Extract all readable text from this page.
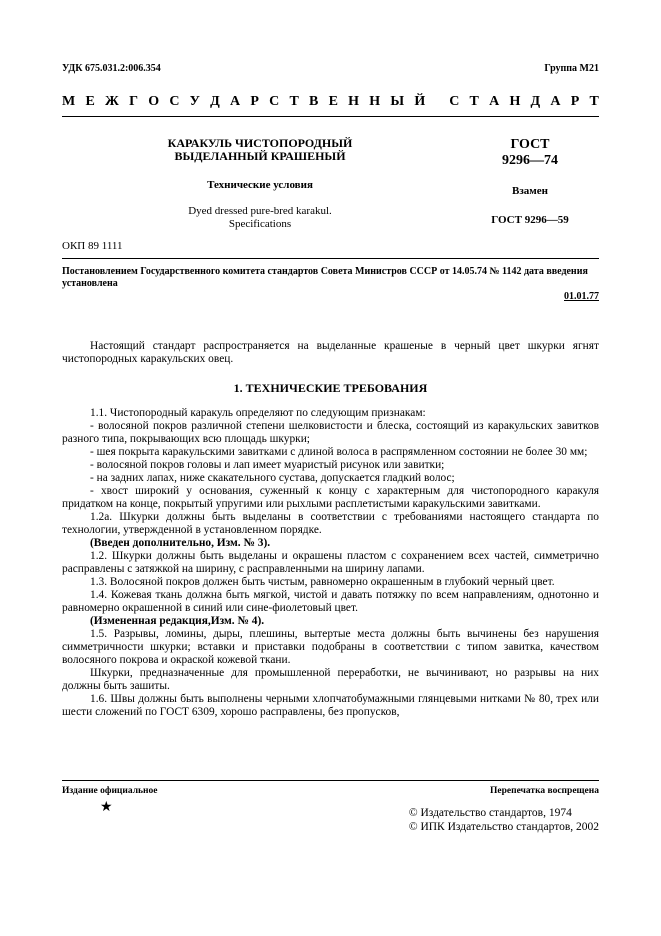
УДК 675.031.2:006.354	Группа М21
М Е Ж Г О С У Д А Р С Т В Е Н Н Ы Й
С Т А Н Д А Р Т
КАРАКУЛЬ ЧИСТОПОРОДНЫЙ
ВЫДЕЛАННЫЙ КРАШЕНЫЙ
Технические условия
Dyed dressed pure-bred karakul.
Specifications
ГОСТ
9296—74
Взамен
ГОСТ 9296—59
ОКП 89 1111
Постановлением Государственного комитета стандартов Совета Министров СССР от 14.05.74 № 1142 дата введения установлена
01.01.77

Настоящий стандарт распространяется на выделанные крашеные в черный цвет шкурки ягнят чистопородных каракульских овец.

1. ТЕХНИЧЕСКИЕ ТРЕБОВАНИЯ

1.1. Чистопородный каракуль определяют по следующим признакам:

- волосяной покров различной степени шелковистости и блеска, состоящий из каракульских завитков разного типа, покрывающих всю площадь шкурки;

- шея покрыта каракульскими завитками с длиной волоса в распрямленном состоянии не более 30 мм;

- волосяной покров головы и лап имеет муаристый рисунок или завитки;

- на задних лапах, ниже скакательного сустава, допускается гладкий волос;

- хвост широкий у основания, суженный к концу с характерным для чистопородного каракуля придатком на конце, покрытый упругими или рыхлыми расплетистыми каракульскими завитками.

1.2а. Шкурки должны быть выделаны в соответствии с требованиями настоящего стандарта по технологии, утвержденной в установленном порядке.

(Введен дополнительно, Изм. № 3).

1.2. Шкурки должны быть выделаны и окрашены пластом с сохранением всех частей, симметрично расправлены с затяжкой на ширину, с расправленными на ширину лапами.

1.3. Волосяной покров должен быть чистым, равномерно окрашенным в глубокий черный цвет.

1.4. Кожевая ткань должна быть мягкой, чистой и давать потяжку по всем направлениям, однотонно и равномерно окрашенной в синий или сине-фиолетовый цвет.

(Измененная редакция,Изм. № 4).

1.5. Разрывы, ломины, дыры, плешины, вытертые места должны быть вычинены без нарушения симметричности шкурки; вставки и приставки подобраны в соответствии с типом завитка, качеством волосяного покрова и окраской кожевой ткани.

Шкурки, предназначенные для промышленной переработки, не вычинивают, но разрывы на них должны быть зашиты.

1.6. Швы должны быть выполнены черными хлопчатобумажными глянцевыми нитками № 80, трех или шести сложений по ГОСТ 6309, хорошо расправлены, без пропусков,

Издание официальное	Перепечатка воспрещена
★	© Издательство стандартов, 1974
© ИПК Издательство стандартов, 2002
